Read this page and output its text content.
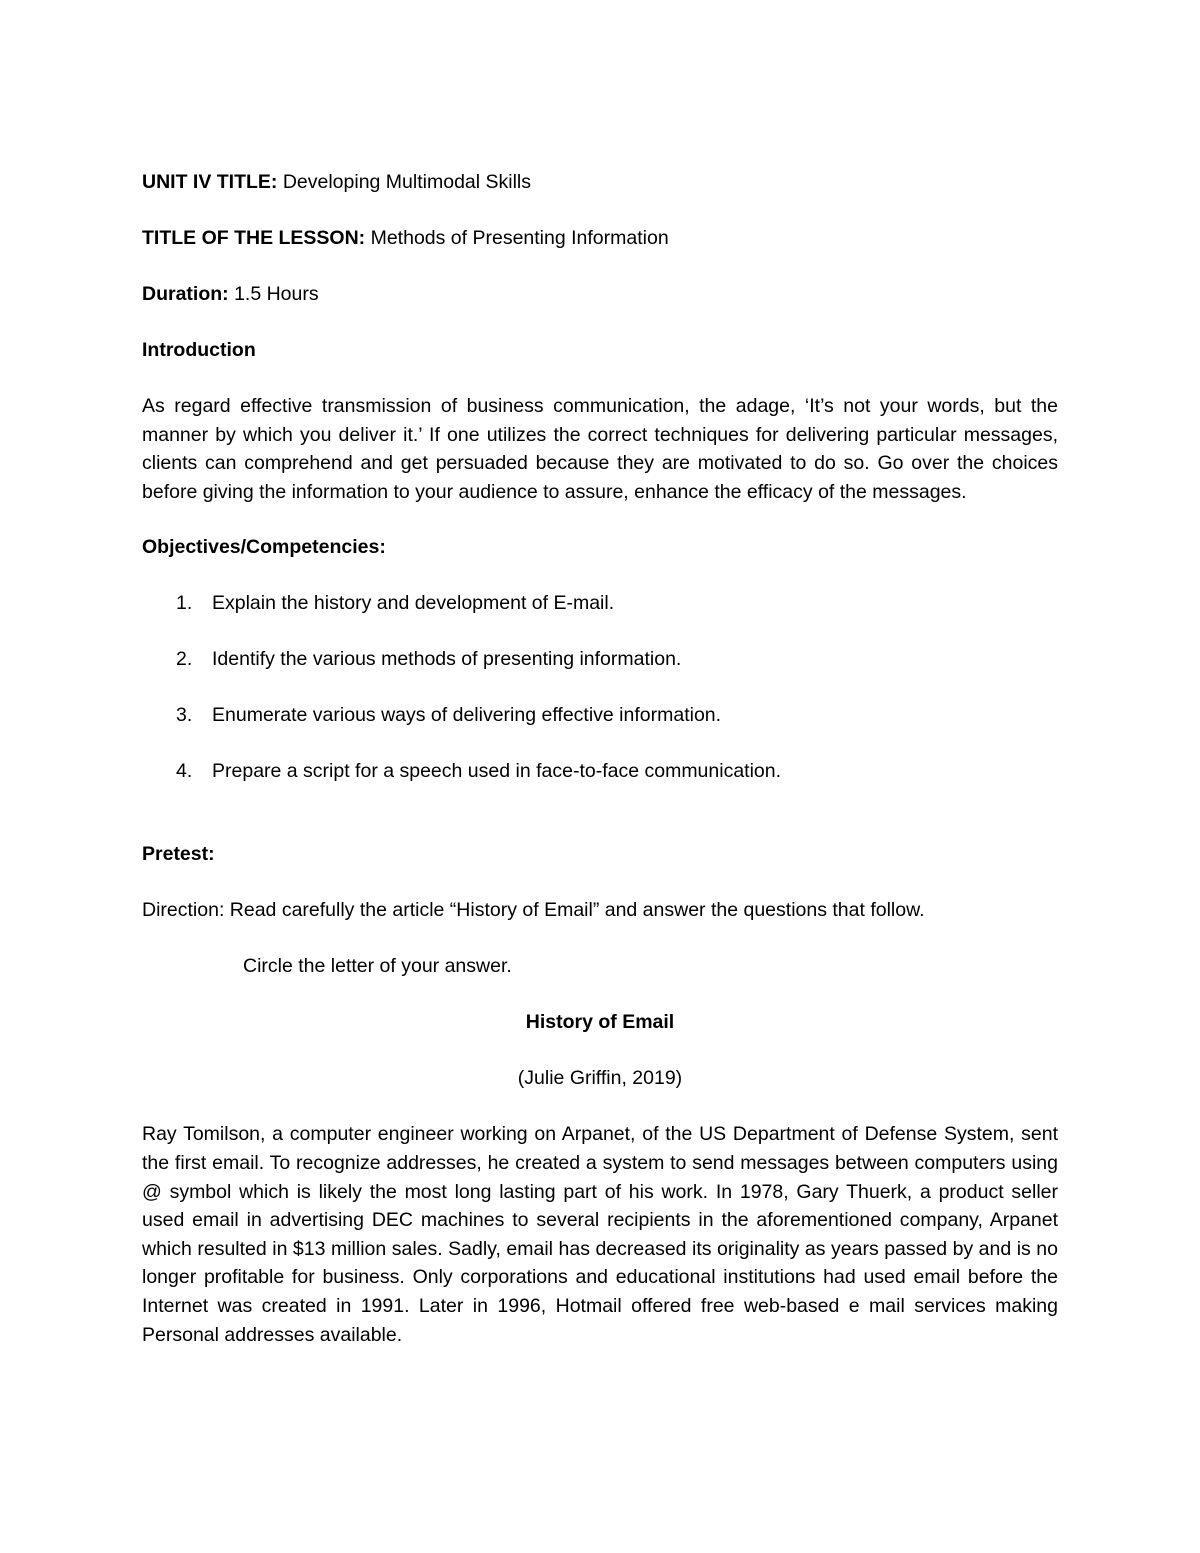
UNIT IV TITLE: Developing Multimodal Skills

TITLE OF THE LESSON: Methods of Presenting Information

Duration: 1.5 Hours

Introduction

As regard effective transmission of business communication, the adage, ‘It’s not your words, but the manner by which you deliver it.’ If one utilizes the correct techniques for delivering particular messages, clients can comprehend and get persuaded because they are motivated to do so. Go over the choices before giving the information to your audience to assure, enhance the efficacy of the messages.

Objectives/Competencies:

1. Explain the history and development of E-mail.
2. Identify the various methods of presenting information.
3. Enumerate various ways of delivering effective information.
4. Prepare a script for a speech used in face-to-face communication.

Pretest:

Direction: Read carefully the article “History of Email” and answer the questions that follow.

Circle the letter of your answer.

History of Email

(Julie Griffin, 2019)

Ray Tomilson, a computer engineer working on Arpanet, of the US Department of Defense System, sent the first email. To recognize addresses, he created a system to send messages between computers using @ symbol which is likely the most long lasting part of his work. In 1978, Gary Thuerk, a product seller used email in advertising DEC machines to several recipients in the aforementioned company, Arpanet which resulted in $13 million sales. Sadly, email has decreased its originality as years passed by and is no longer profitable for business. Only corporations and educational institutions had used email before the Internet was created in 1991. Later in 1996, Hotmail offered free web-based e mail services making Personal addresses available.
